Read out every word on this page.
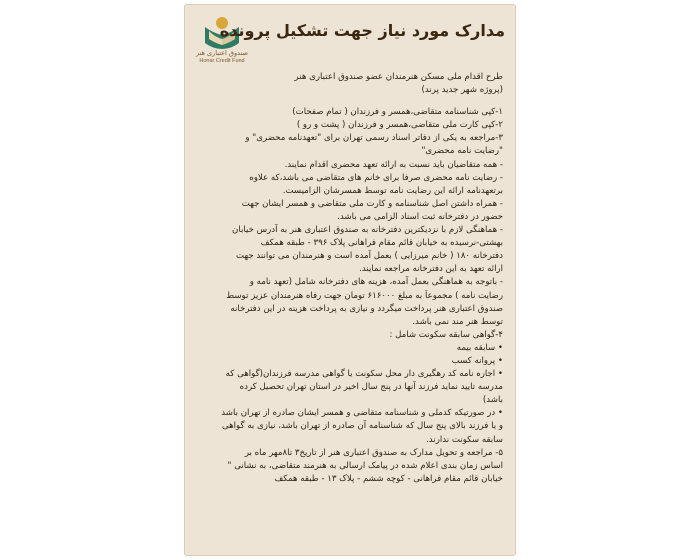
صندوق اعتباری هنر
Honar Credit Fund
مدارک مورد نیاز جهت تشکیل پرونده
طرح اقدام ملی مسکن هنرمندان عضو صندوق اعتباری هنر
(پروژه شهر جدید پرند)
۱-کپی شناسنامه متقاضی،همسر و فرزندان ( تمام صفحات)
۲-کپی کارت ملی متقاضی،همسر و فرزندان ( پشت و رو )
۳-مراجعه به یکی از دفاتر اسناد رسمی تهران برای "تعهدنامه محضری" و
"رضایت نامه محضری"
- همه متقاضیان باید نسبت به ارائه تعهد محضری اقدام نمایند.
- رضایت نامه محضری صرفا برای خانم های متقاضی می باشد،که علاوه
برتعهدنامه ارائه این رضایت نامه توسط همسرشان الزامیست.
- همراه داشتن اصل شناسنامه و کارت ملی متقاضی و همسر ایشان جهت
حضور در دفترخانه ثبت اسناد الزامی می باشد.
- هماهنگی لازم با نزدیکترین دفترخانه به صندوق اعتباری هنر به آدرس خیابان
بهشتی-نرسیده به خیابان قائم مقام فراهانی پلاک ۳۹۶ - طبقه همکف
دفترخانه ۱۸۰ ( خانم میرزایی ) بعمل آمده است و هنرمندان می توانند جهت
ارائه تعهد به این دفترخانه مراجعه نمایند.
- باتوجه به هماهنگی بعمل آمده، هزینه های دفترخانه شامل (تعهد نامه و
رضایت نامه ) مجموعاً به مبلغ ۶۱۶۰۰۰ تومان جهت رفاه هنرمندان عزیز توسط
صندوق اعتباری هنر پرداخت میگردد و نیازی به پرداخت هزینه در این دفترخانه
توسط هنر مند نمی باشد.
۴-گواهی سابقه سکونت شامل :
• سابقه بیمه
• پروانه کسب
• اجاره نامه کد رهگیری دار محل سکونت یا گواهی مدرسه فرزندان(گواهی که
مدرسه تایید نماید فرزند آنها در پنج سال اخیر در استان تهران تحصیل کرده
باشد)
• در صورتیکه کدملی و شناسنامه متقاضی و همسر ایشان صادره از تهران باشد
و یا فرزند بالای پنج سال که شناسنامه آن صادره از تهران باشد، نیازی به گواهی
سابقه سکونت ندارند.
۵- مراجعه و تحویل مدارک به صندوق اعتباری هنر از تاریخ۳ تا۸مهر ماه بر
اساس زمان بندی اعلام شده در پیامک ارسالی به هنرمند متقاضی، به نشانی "
خیابان قائم مقام فراهانی - کوچه ششم - پلاک ۱۳ - طبقه همکف
